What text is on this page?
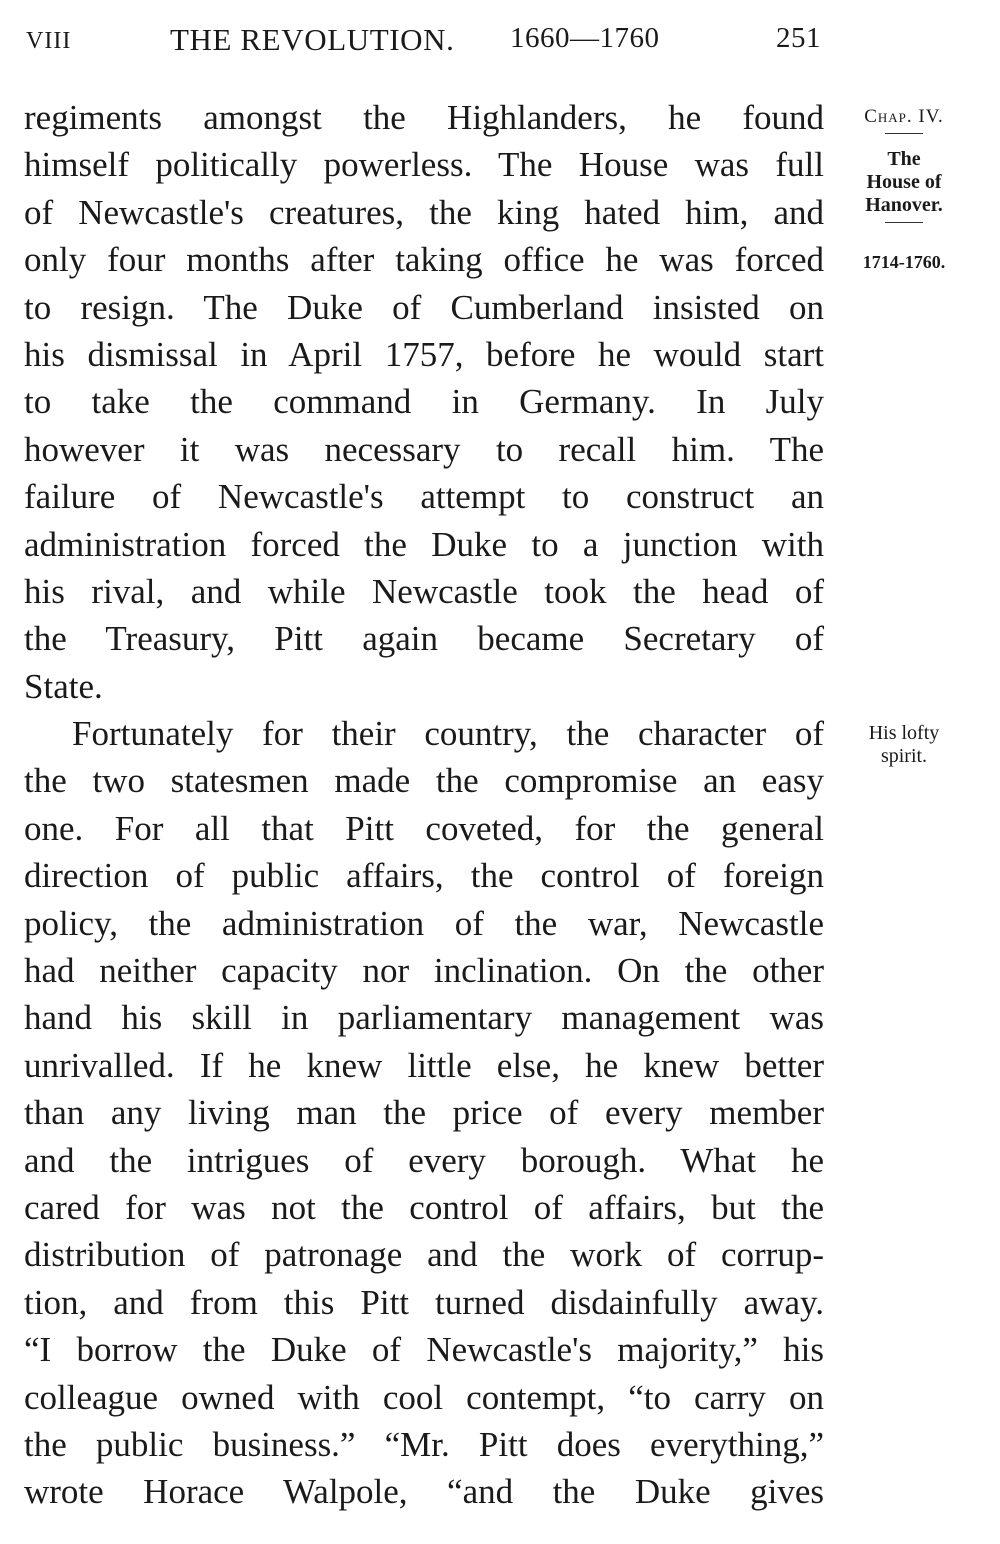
VIII	THE REVOLUTION. 1660—1760	251
regiments amongst the Highlanders, he found
himself politically powerless. The House was full
of Newcastle's creatures, the king hated him, and
only four months after taking office he was forced
to resign. The Duke of Cumberland insisted on
his dismissal in April 1757, before he would start
to take the command in Germany. In July
however it was necessary to recall him. The
failure of Newcastle's attempt to construct an
administration forced the Duke to a junction with
his rival, and while Newcastle took the head of
the Treasury, Pitt again became Secretary of
State.
Fortunately for their country, the character of
the two statesmen made the compromise an easy
one. For all that Pitt coveted, for the general
direction of public affairs, the control of foreign
policy, the administration of the war, Newcastle
had neither capacity nor inclination. On the other
hand his skill in parliamentary management was
unrivalled. If he knew little else, he knew better
than any living man the price of every member
and the intrigues of every borough. What he
cared for was not the control of affairs, but the
distribution of patronage and the work of corrup-
tion, and from this Pitt turned disdainfully away.
“I borrow the Duke of Newcastle's majority,” his
colleague owned with cool contempt, “to carry on
the public business.” “Mr. Pitt does everything,”
wrote Horace Walpole, “and the Duke gives
Chap. IV.
The
House of
Hanover.
1714-1760.
His lofty
spirit.
